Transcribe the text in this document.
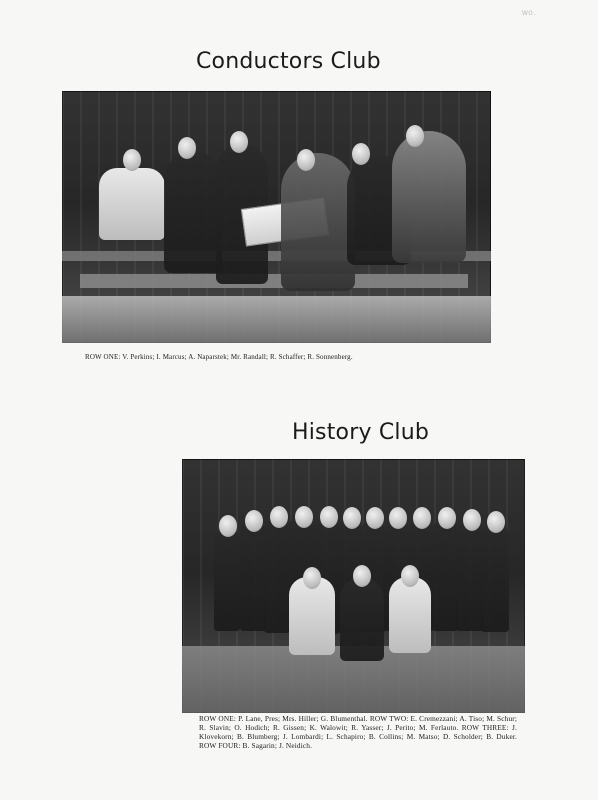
wo.
Conductors Club
ROW ONE: V. Perkins; I. Marcus; A. Naparstek; Mr. Randall; R. Schaffer; R. Sonnenberg.
History Club
ROW ONE: P. Lane, Pres; Mrs. Hiller; G. Blumenthal. ROW TWO: E. Cremezzani; A. Tiso; M. Schur; R. Slavin; O. Hodich; R. Gissen; K. Walowit; R. Yasser; J. Perito; M. Ferlauto. ROW THREE: J. Klovekorn; B. Blumberg; J. Lombardi; L. Schapiro; B. Collins; M. Matso; D. Scholder; B. Duker. ROW FOUR: B. Sagarin; J. Neidich.
